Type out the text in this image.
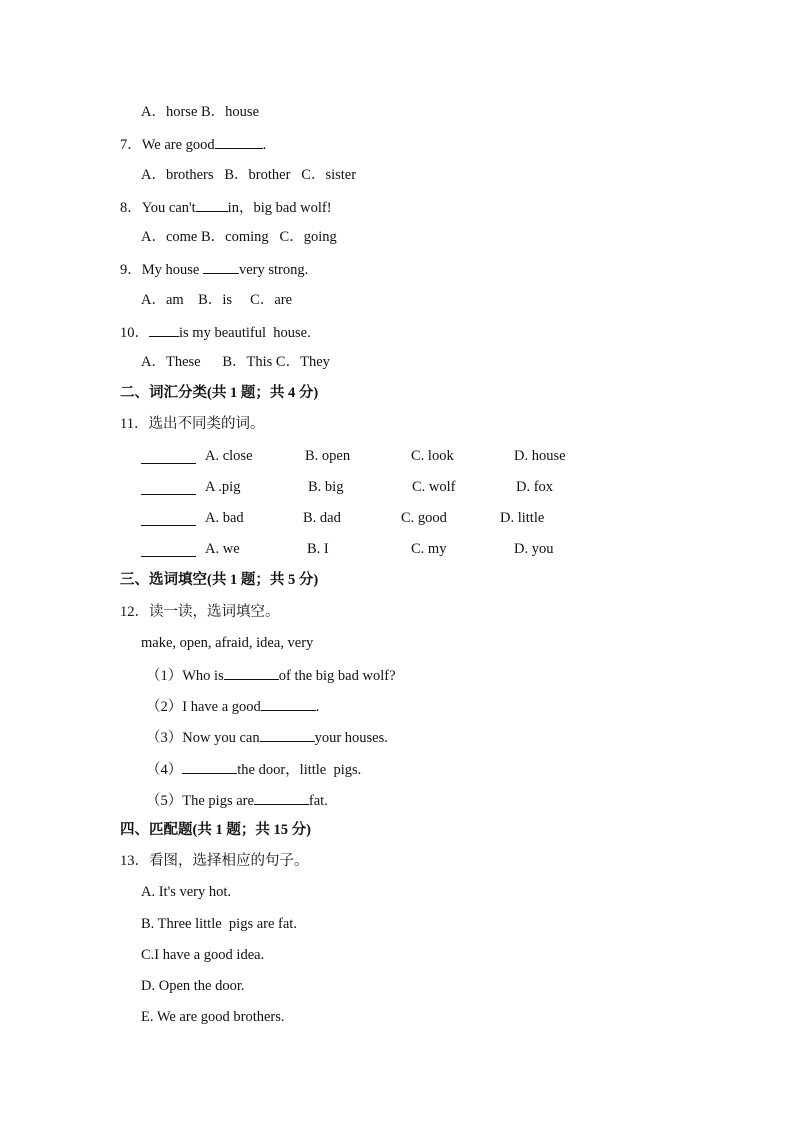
A．horse B．house
7．We are good	.
A．brothers   B．brother   C．sister
8．You can't in，big bad wolf!
A．come B．coming   C．going
9．My house very strong.
A．am    B．is     C．are
10． is my beautiful  house.
A．These      B．This C．They
二、词汇分类(共 1 题；共 4 分)
11．选出不同类的词。
A. close	B. open	C. look	D. house
A .pig	B. big	C. wolf	D. fox
A. bad	B. dad	C. good	D. little
A. we	B. I	C. my	D. you
三、选词填空(共 1 题；共 5 分)
12．读一读，选词填空。
make, open, afraid, idea, very
（1）Who is	of the big bad wolf?
（2）I have a good	.
（3）Now you can	your houses.
（4）	the door，little  pigs.
（5）The pigs are	fat.
四、匹配题(共 1 题；共 15 分)
13．看图，选择相应的句子。
A. It's very hot.
B. Three little  pigs are fat.
C.I have a good idea.
D. Open the door.
E. We are good brothers.
